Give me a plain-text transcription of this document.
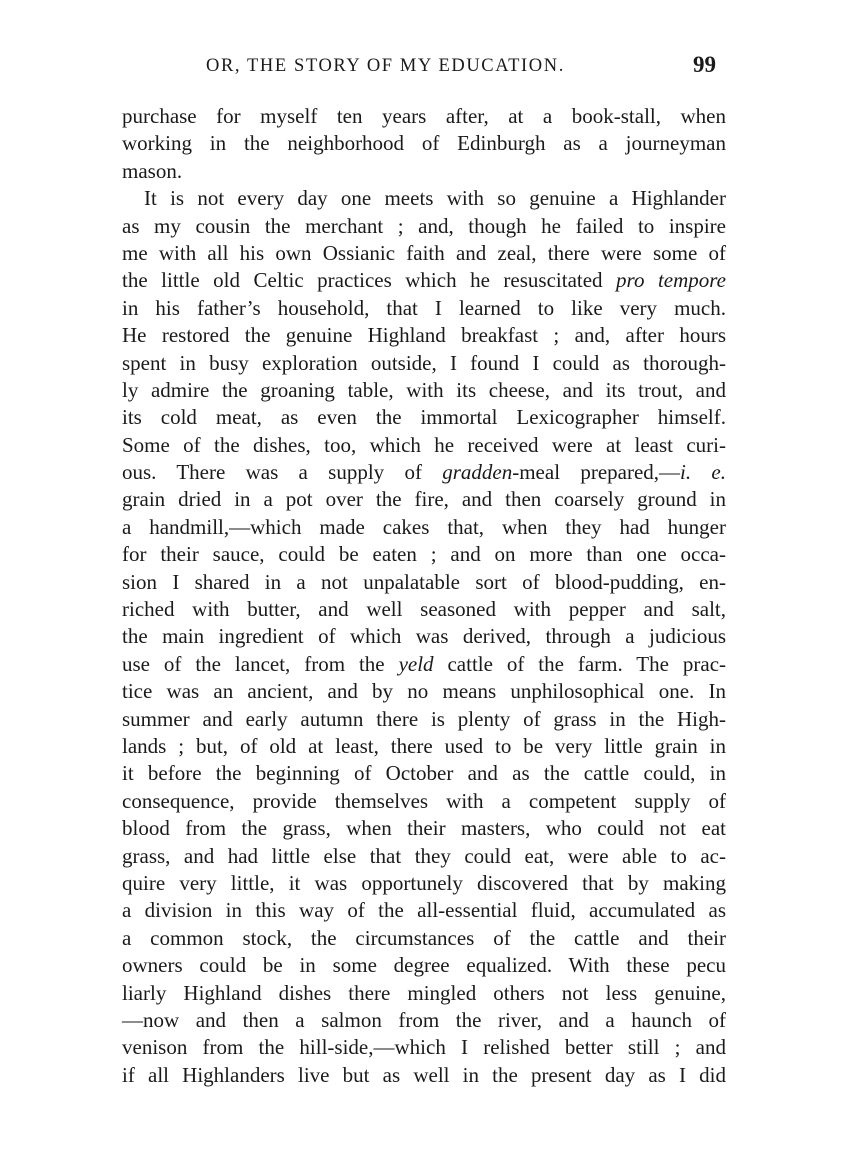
OR, THE STORY OF MY EDUCATION.	99
purchase for myself ten years after, at a book-stall, when
working in the neighborhood of Edinburgh as a journeyman
mason.
It is not every day one meets with so genuine a Highlander
as my cousin the merchant ; and, though he failed to inspire
me with all his own Ossianic faith and zeal, there were some of
the little old Celtic practices which he resuscitated pro tempore
in his father’s household, that I learned to like very much.
He restored the genuine Highland breakfast ; and, after hours
spent in busy exploration outside, I found I could as thorough-
ly admire the groaning table, with its cheese, and its trout, and
its cold meat, as even the immortal Lexicographer himself.
Some of the dishes, too, which he received were at least curi-
ous. There was a supply of gradden-meal prepared,—i. e.
grain dried in a pot over the fire, and then coarsely ground in
a handmill,—which made cakes that, when they had hunger
for their sauce, could be eaten ; and on more than one occa-
sion I shared in a not unpalatable sort of blood-pudding, en-
riched with butter, and well seasoned with pepper and salt,
the main ingredient of which was derived, through a judicious
use of the lancet, from the yeld cattle of the farm. The prac-
tice was an ancient, and by no means unphilosophical one. In
summer and early autumn there is plenty of grass in the High-
lands ; but, of old at least, there used to be very little grain in
it before the beginning of October and as the cattle could, in
consequence, provide themselves with a competent supply of
blood from the grass, when their masters, who could not eat
grass, and had little else that they could eat, were able to ac-
quire very little, it was opportunely discovered that by making
a division in this way of the all-essential fluid, accumulated as
a common stock, the circumstances of the cattle and their
owners could be in some degree equalized. With these pecu
liarly Highland dishes there mingled others not less genuine,
—now and then a salmon from the river, and a haunch of
venison from the hill-side,—which I relished better still ; and
if all Highlanders live but as well in the present day as I did
